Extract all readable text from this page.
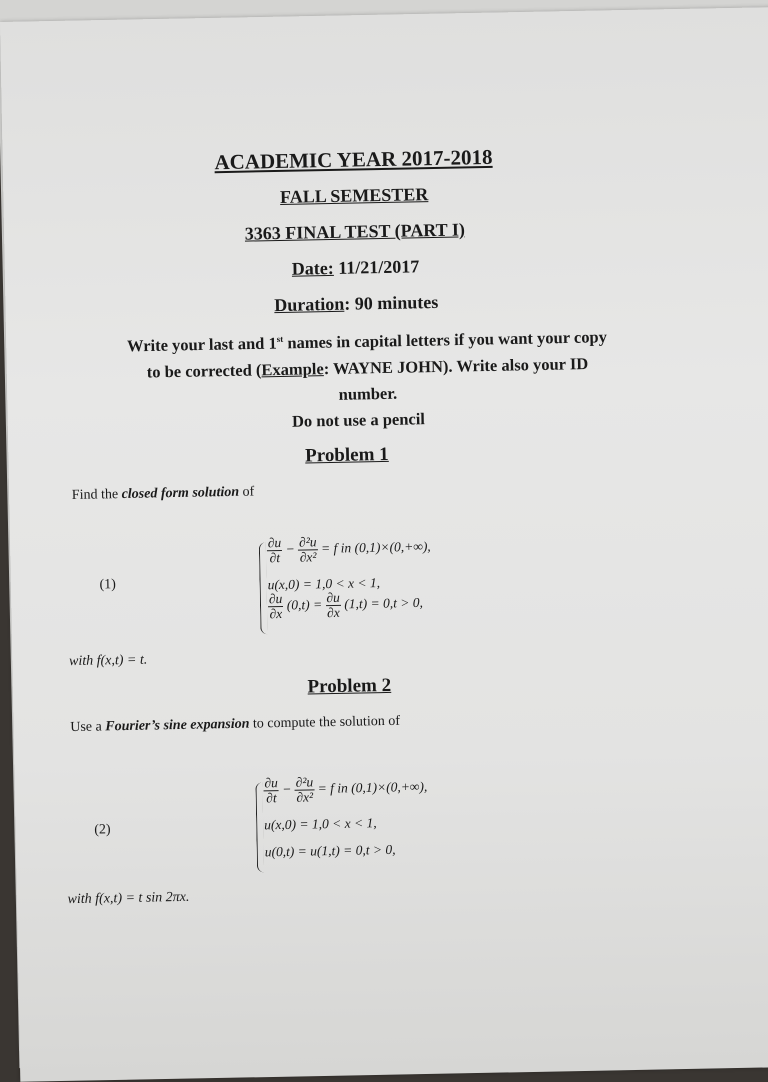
ACADEMIC YEAR 2017-2018
FALL SEMESTER
3363 FINAL TEST (PART I)
Date: 11/21/2017
Duration: 90 minutes
Write your last and 1st names in capital letters if you want your copy
to be corrected (Example: WAYNE JOHN). Write also your ID
number.
Do not use a pencil
Problem 1
Find the closed form solution of
(1)
$\frac{\partial u}{\partial t} - \frac{\text{∂²u}}{\text{∂x²}} = f$ in (0,1)×(0,+∞),
u(x,0) = 1,0 < x < 1,
$\frac{\partial u}{\partial x} (0,t) = \frac{\partial u}{\partial x} (1,t) = 0,t > 0$,
with f(x,t) = t.
Problem 2
Use a Fourier’s sine expansion to compute the solution of
(2)
$\frac{\partial u}{\partial t} - \frac{\text{∂²u}}{\text{∂x²}} = f$ in (0,1)×(0,+∞),
u(x,0) = 1,0 < x < 1,
u(0,t) = u(1,t) = 0,t > 0,
with f(x,t) = t sin 2πx.
